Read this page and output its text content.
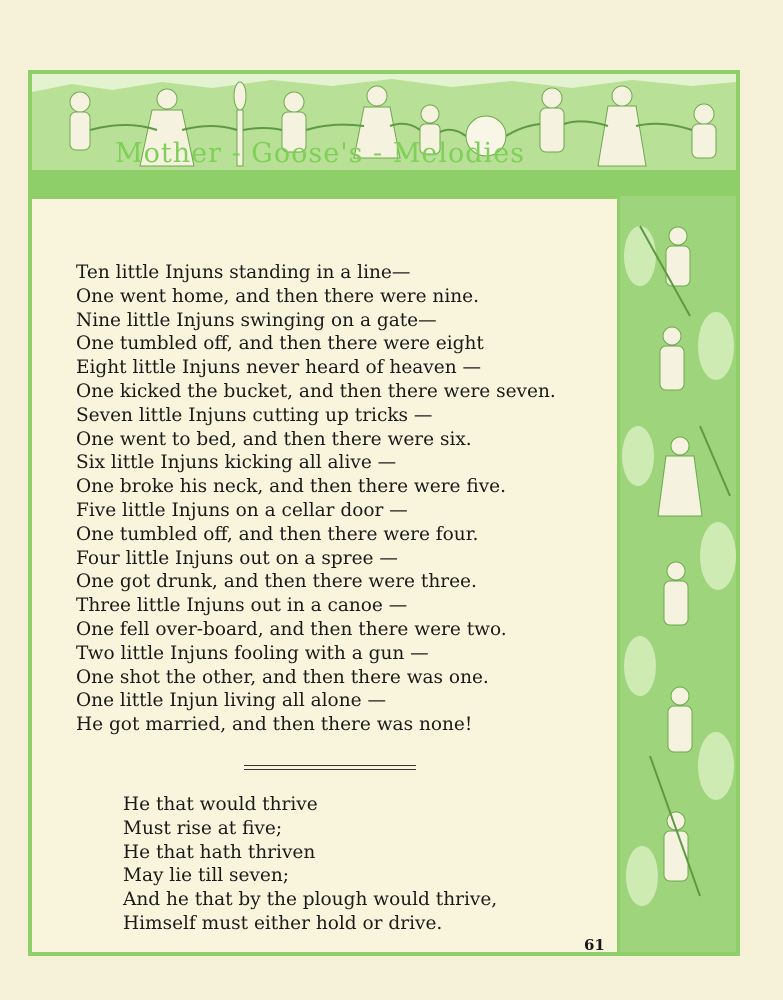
Mother - Goose's - Melodies
Ten little Injuns standing in a line—
One went home, and then there were nine.
Nine little Injuns swinging on a gate—
One tumbled off, and then there were eight
Eight little Injuns never heard of heaven —
One kicked the bucket, and then there were seven.
Seven little Injuns cutting up tricks —
One went to bed, and then there were six.
Six little Injuns kicking all alive —
One broke his neck, and then there were five.
Five little Injuns on a cellar door —
One tumbled off, and then there were four.
Four little Injuns out on a spree —
One got drunk, and then there were three.
Three little Injuns out in a canoe —
One fell over-board, and then there were two.
Two little Injuns fooling with a gun —
One shot the other, and then there was one.
One little Injun living all alone —
He got married, and then there was none!
He that would thrive
Must rise at five;
He that hath thriven
May lie till seven;
And he that by the plough would thrive,
Himself must either hold or drive.
61
